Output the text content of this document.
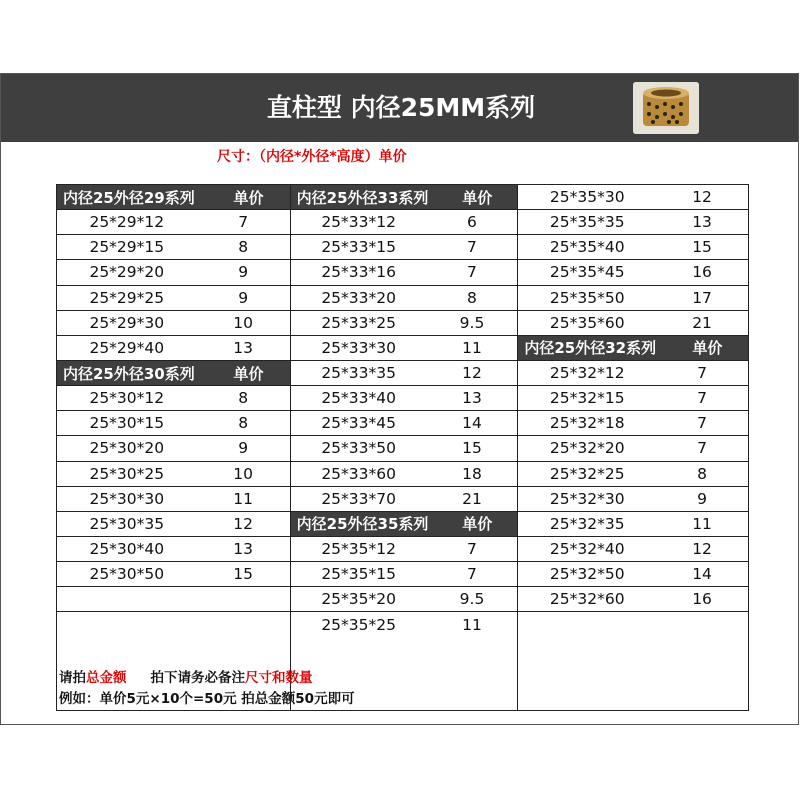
直柱型 内径25MM系列
尺寸：（内径*外径*高度）单价
内径25外径29系列	单价
25*29*12	7
25*29*15	8
25*29*20	9
25*29*25	9
25*29*30	10
25*29*40	13
内径25外径30系列	单价
25*30*12	8
25*30*15	8
25*30*20	9
25*30*25	10
25*30*30	11
25*30*35	12
25*30*40	13
25*30*50	15
内径25外径33系列	单价
25*33*12	6
25*33*15	7
25*33*16	7
25*33*20	8
25*33*25	9.5
25*33*30	11
25*33*35	12
25*33*40	13
25*33*45	14
25*33*50	15
25*33*60	18
25*33*70	21
内径25外径35系列	单价
25*35*12	7
25*35*15	7
25*35*20	9.5
25*35*25	11
25*35*30	12
25*35*35	13
25*35*40	15
25*35*45	16
25*35*50	17
25*35*60	21
内径25外径32系列	单价
25*32*12	7
25*32*15	7
25*32*18	7
25*32*20	7
25*32*25	8
25*32*30	9
25*32*35	11
25*32*40	12
25*32*50	14
25*32*60	16
请拍总金额 拍下请务必备注尺寸和数量
例如：单价5元×10个=50元 拍总金额50元即可
